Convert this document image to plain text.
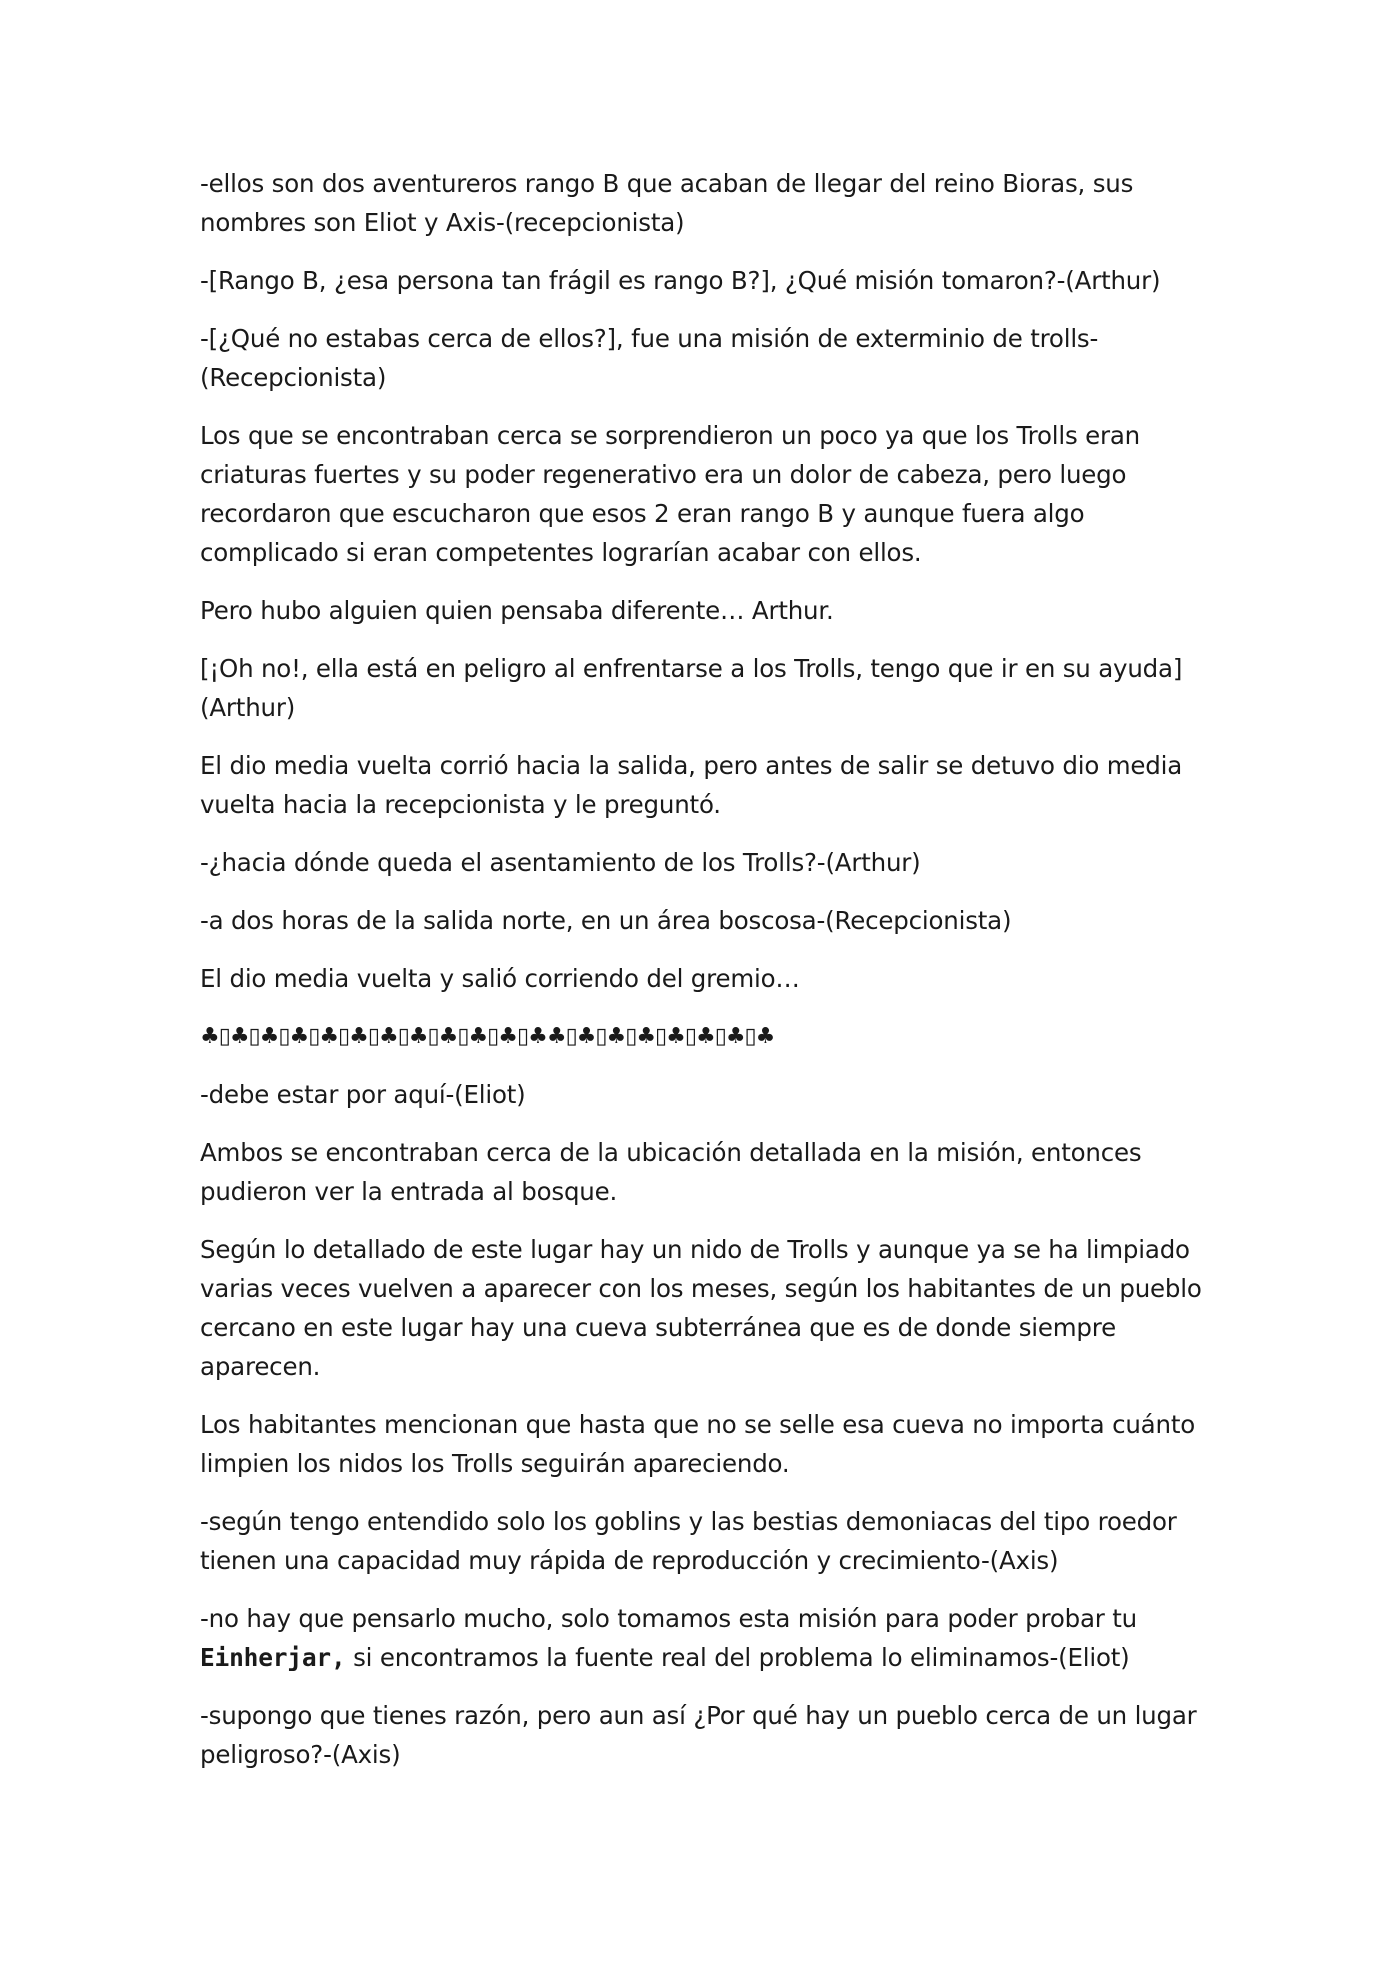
-ellos son dos aventureros rango B que acaban de llegar del reino Bioras, sus nombres son Eliot y Axis-(recepcionista)

-[Rango B, ¿esa persona tan frágil es rango B?], ¿Qué misión tomaron?-(Arthur)

-[¿Qué no estabas cerca de ellos?], fue una misión de exterminio de trolls-(Recepcionista)

Los que se encontraban cerca se sorprendieron un poco ya que los Trolls eran criaturas fuertes y su poder regenerativo era un dolor de cabeza, pero luego recordaron que escucharon que esos 2 eran rango B y aunque fuera algo complicado si eran competentes lograrían acabar con ellos.

Pero hubo alguien quien pensaba diferente… Arthur.

[¡Oh no!, ella está en peligro al enfrentarse a los Trolls, tengo que ir en su ayuda](Arthur)

El dio media vuelta corrió hacia la salida, pero antes de salir se detuvo dio media vuelta hacia la recepcionista y le preguntó.

-¿hacia dónde queda el asentamiento de los Trolls?-(Arthur)

-a dos horas de la salida norte, en un área boscosa-(Recepcionista)

El dio media vuelta y salió corriendo del gremio…

♣▯♣▯♣▯♣▯♣▯♣▯♣▯♣▯♣▯♣▯♣▯♣♣▯♣▯♣▯♣▯♣▯♣▯♣▯♣

-debe estar por aquí-(Eliot)

Ambos se encontraban cerca de la ubicación detallada en la misión, entonces pudieron ver la entrada al bosque.

Según lo detallado de este lugar hay un nido de Trolls y aunque ya se ha limpiado varias veces vuelven a aparecer con los meses, según los habitantes de un pueblo cercano en este lugar hay una cueva subterránea que es de donde siempre aparecen.

Los habitantes mencionan que hasta que no se selle esa cueva no importa cuánto limpien los nidos los Trolls seguirán apareciendo.

-según tengo entendido solo los goblins y las bestias demoniacas del tipo roedor tienen una capacidad muy rápida de reproducción y crecimiento-(Axis)

-no hay que pensarlo mucho, solo tomamos esta misión para poder probar tu Einherjar, si encontramos la fuente real del problema lo eliminamos-(Eliot)

-supongo que tienes razón, pero aun así ¿Por qué hay un pueblo cerca de un lugar peligroso?-(Axis)
